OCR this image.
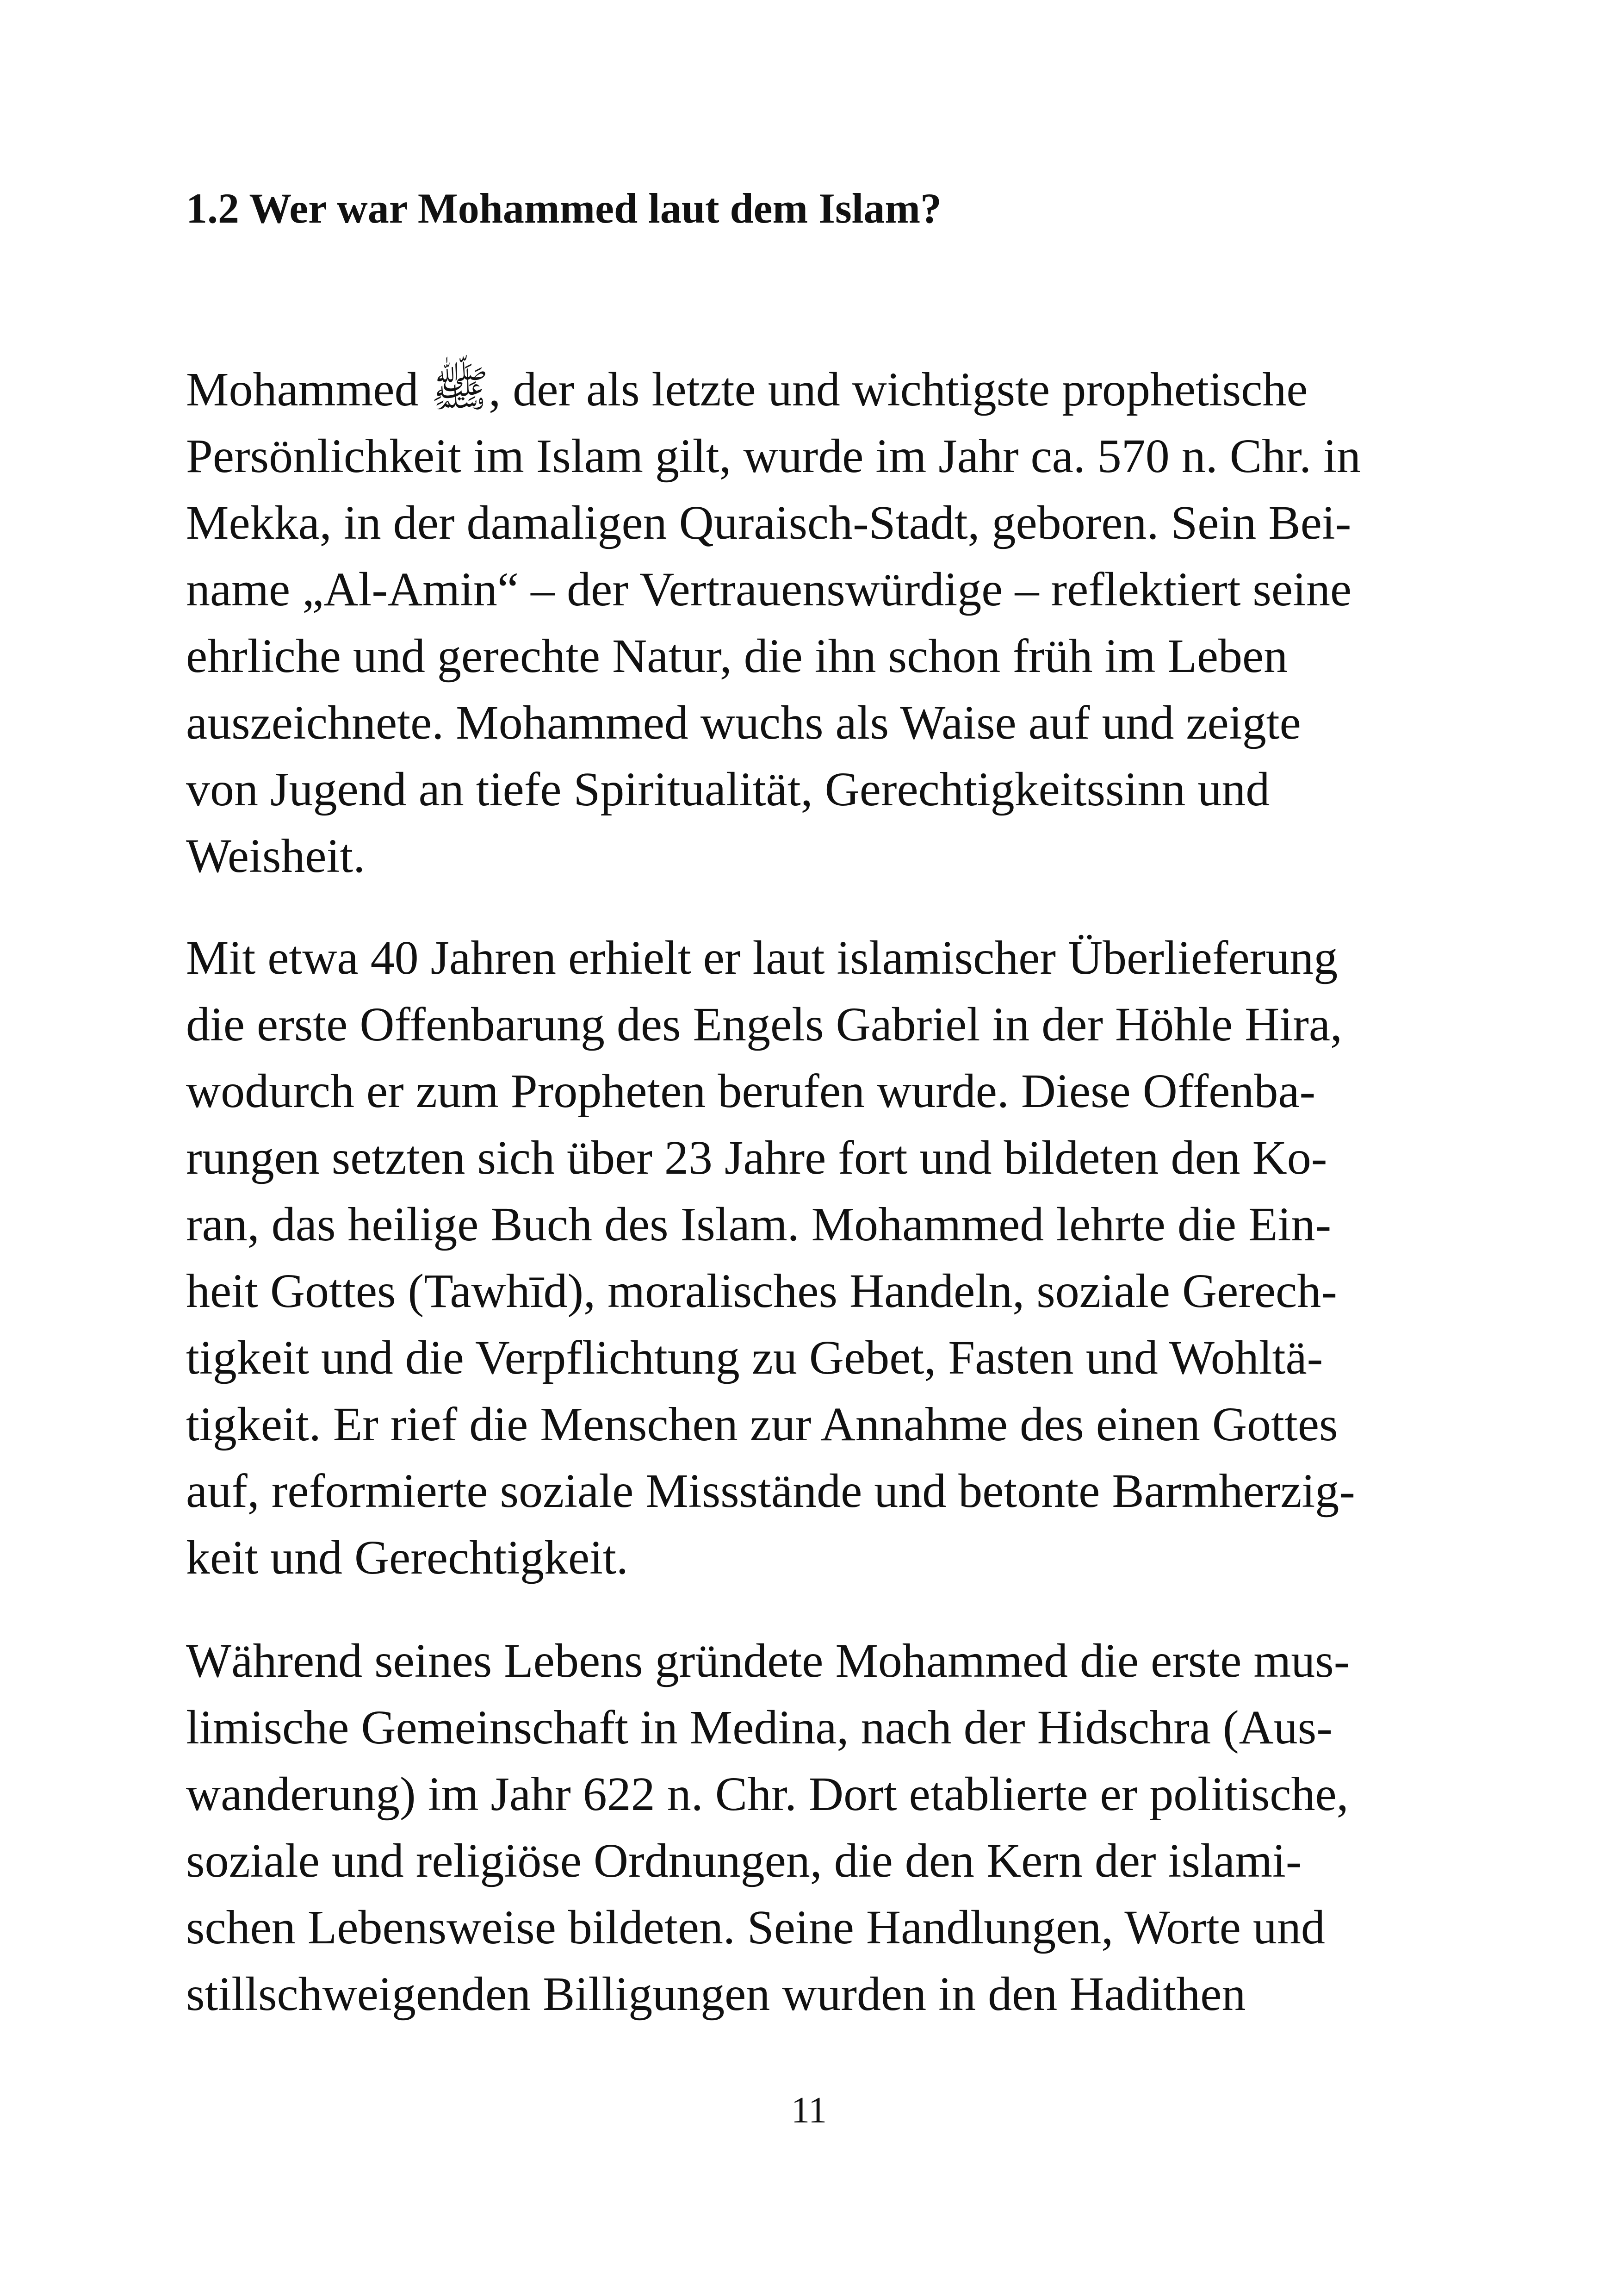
1.2 Wer war Mohammed laut dem Islam?

Mohammed ﷺ, der als letzte und wichtigste prophetische
Persönlichkeit im Islam gilt, wurde im Jahr ca. 570 n. Chr. in
Mekka, in der damaligen Quraisch-Stadt, geboren. Sein Bei-
name „Al-Amin“ – der Vertrauenswürdige – reflektiert seine
ehrliche und gerechte Natur, die ihn schon früh im Leben
auszeichnete. Mohammed wuchs als Waise auf und zeigte
von Jugend an tiefe Spiritualität, Gerechtigkeitssinn und
Weisheit.

Mit etwa 40 Jahren erhielt er laut islamischer Überlieferung
die erste Offenbarung des Engels Gabriel in der Höhle Hira,
wodurch er zum Propheten berufen wurde. Diese Offenba-
rungen setzten sich über 23 Jahre fort und bildeten den Ko-
ran, das heilige Buch des Islam. Mohammed lehrte die Ein-
heit Gottes (Tawhīd), moralisches Handeln, soziale Gerech-
tigkeit und die Verpflichtung zu Gebet, Fasten und Wohltä-
tigkeit. Er rief die Menschen zur Annahme des einen Gottes
auf, reformierte soziale Missstände und betonte Barmherzig-
keit und Gerechtigkeit.

Während seines Lebens gründete Mohammed die erste mus-
limische Gemeinschaft in Medina, nach der Hidschra (Aus-
wanderung) im Jahr 622 n. Chr. Dort etablierte er politische,
soziale und religiöse Ordnungen, die den Kern der islami-
schen Lebensweise bildeten. Seine Handlungen, Worte und
stillschweigenden Billigungen wurden in den Hadithen

11
